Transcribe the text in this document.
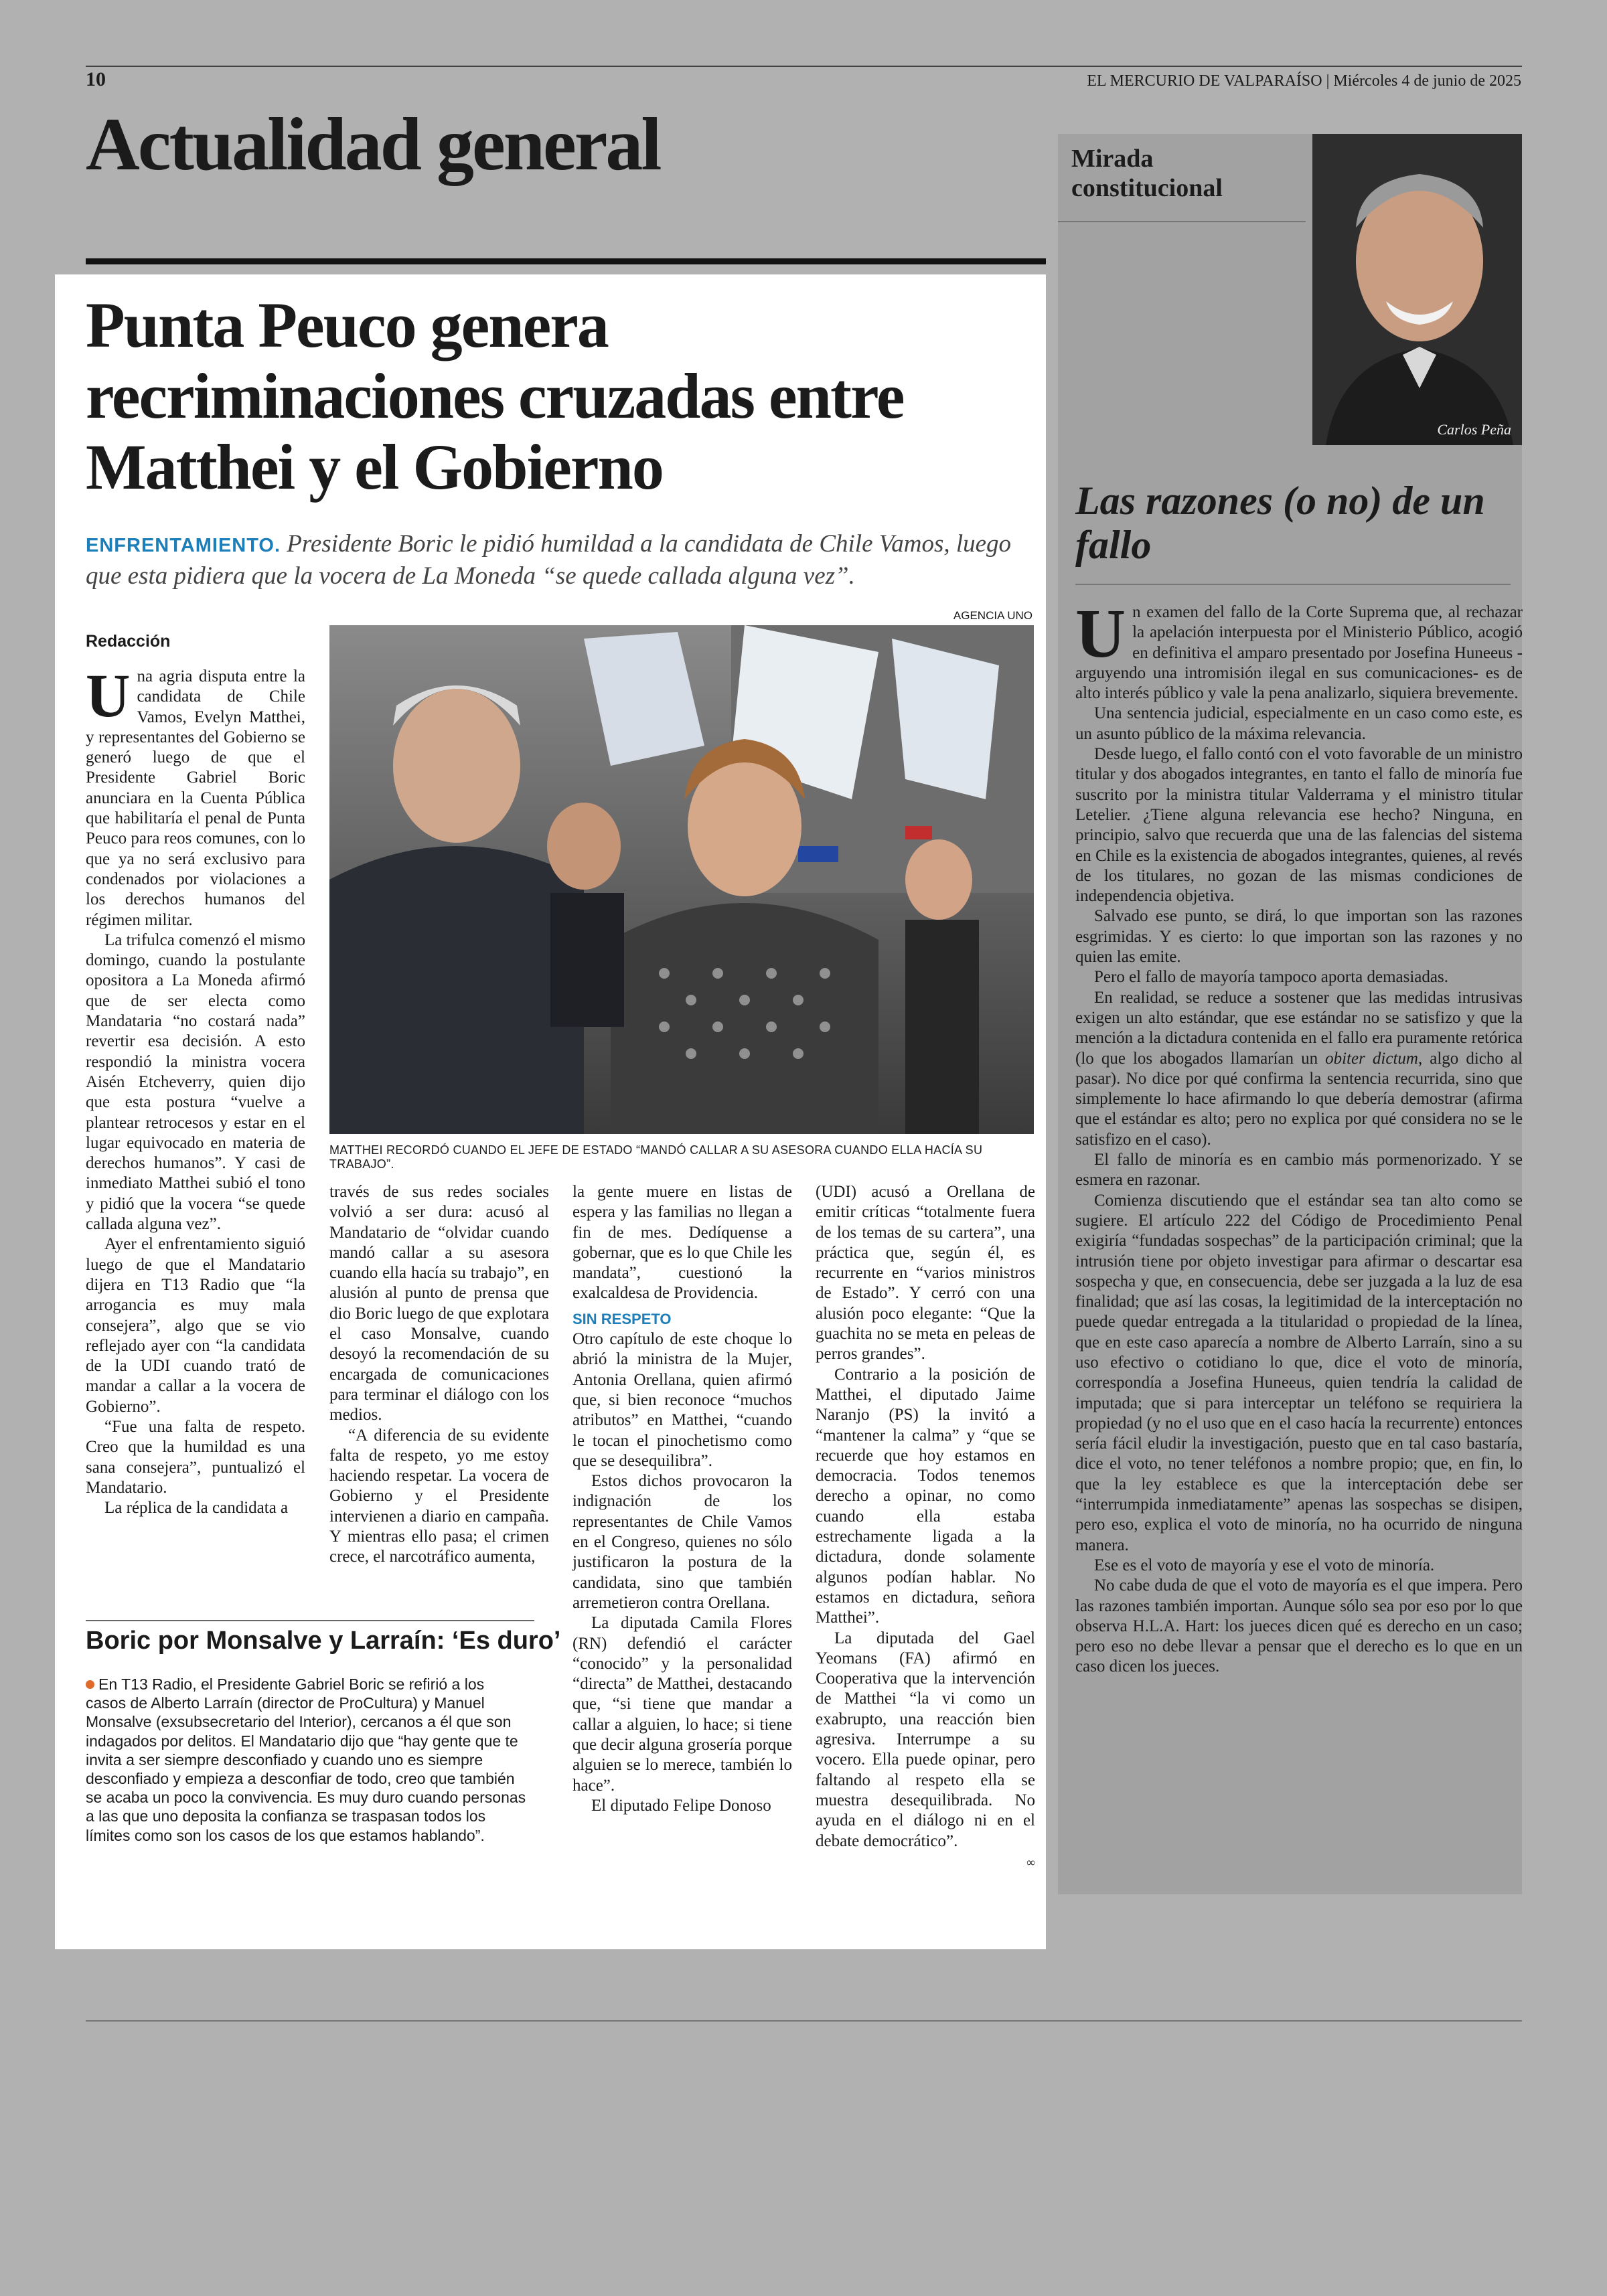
10	EL MERCURIO DE VALPARAÍSO | Miércoles 4 de junio de 2025
Actualidad general
Punta Peuco genera recriminaciones cruzadas entre Matthei y el Gobierno
ENFRENTAMIENTO. Presidente Boric le pidió humildad a la candidata de Chile Vamos, luego que esta pidiera que la vocera de La Moneda “se quede callada alguna vez”.
AGENCIA UNO
Redacción

Una agria disputa entre la candidata de Chile Vamos, Evelyn Matthei, y representantes del Gobierno se generó luego de que el Presidente Gabriel Boric anunciara en la Cuenta Pública que habilitaría el penal de Punta Peuco para reos comunes, con lo que ya no será exclusivo para condenados por violaciones a los derechos humanos del régimen militar.

La trifulca comenzó el mismo domingo, cuando la postulante opositora a La Moneda afirmó que de ser electa como Mandataria “no costará nada” revertir esa decisión. A esto respondió la ministra vocera Aisén Etcheverry, quien dijo que esta postura “vuelve a plantear retrocesos y estar en el lugar equivocado en materia de derechos humanos”. Y casi de inmediato Matthei subió el tono y pidió que la vocera “se quede callada alguna vez”.

Ayer el enfrentamiento siguió luego de que el Mandatario dijera en T13 Radio que “la arrogancia es muy mala consejera”, algo que se vio reflejado ayer con “la candidata de la UDI cuando trató de mandar a callar a la vocera de Gobierno”.

“Fue una falta de respeto. Creo que la humildad es una sana consejera”, puntualizó el Mandatario.

La réplica de la candidata a

MATTHEI RECORDÓ CUANDO EL JEFE DE ESTADO “MANDÓ CALLAR A SU ASESORA CUANDO ELLA HACÍA SU TRABAJO”.

través de sus redes sociales volvió a ser dura: acusó al Mandatario de “olvidar cuando mandó callar a su asesora cuando ella hacía su trabajo”, en alusión al punto de prensa que dio Boric luego de que explotara el caso Monsalve, cuando desoyó la recomendación de su encargada de comunicaciones para terminar el diálogo con los medios.

“A diferencia de su evidente falta de respeto, yo me estoy haciendo respetar. La vocera de Gobierno y el Presidente intervienen a diario en campaña. Y mientras ello pasa; el crimen crece, el narcotráfico aumenta,

la gente muere en listas de espera y las familias no llegan a fin de mes. Dedíquense a gobernar, que es lo que Chile les mandata”, cuestionó la exalcaldesa de Providencia.

SIN RESPETO

Otro capítulo de este choque lo abrió la ministra de la Mujer, Antonia Orellana, quien afirmó que, si bien reconoce “muchos atributos” en Matthei, “cuando le tocan el pinochetismo como que se desequilibra”.

Estos dichos provocaron la indignación de los representantes de Chile Vamos en el Congreso, quienes no sólo justificaron la postura de la candidata, sino que también arremetieron contra Orellana.

La diputada Camila Flores (RN) defendió el carácter “conocido” y la personalidad “directa” de Matthei, destacando que, “si tiene que mandar a callar a alguien, lo hace; si tiene que decir alguna grosería porque alguien se lo merece, también lo hace”.

El diputado Felipe Donoso

(UDI) acusó a Orellana de emitir críticas “totalmente fuera de los temas de su cartera”, una práctica que, según él, es recurrente en “varios ministros de Estado”. Y cerró con una alusión poco elegante: “Que la guachita no se meta en peleas de perros grandes”.

Contrario a la posición de Matthei, el diputado Jaime Naranjo (PS) la invitó a “mantener la calma” y “que se recuerde que hoy estamos en democracia. Todos tenemos derecho a opinar, no como cuando ella estaba estrechamente ligada a la dictadura, donde solamente algunos podían hablar. No estamos en dictadura, señora Matthei”.

La diputada del Gael Yeomans (FA) afirmó en Cooperativa que la intervención de Matthei “la vi como un exabrupto, una reacción bien agresiva. Interrumpe a su vocero. Ella puede opinar, pero faltando al respeto ella se muestra desequilibrada. No ayuda en el diálogo ni en el debate democrático”.

∞

Boric por Monsalve y Larraín: ‘Es duro’
En T13 Radio, el Presidente Gabriel Boric se refirió a los casos de Alberto Larraín (director de ProCultura) y Manuel Monsalve (exsubsecretario del Interior), cercanos a él que son indagados por delitos. El Mandatario dijo que “hay gente que te invita a ser siempre desconfiado y cuando uno es siempre desconfiado y empieza a desconfiar de todo, creo que también se acaba un poco la convivencia. Es muy duro cuando personas a las que uno deposita la confianza se traspasan todos los límites como son los casos de los que estamos hablando”.
Mirada constitucional
Carlos Peña
Las razones (o no) de un fallo

Un examen del fallo de la Corte Suprema que, al rechazar la apelación interpuesta por el Ministerio Público, acogió en definitiva el amparo presentado por Josefina Huneeus -arguyendo una intromisión ilegal en sus comunicaciones- es de alto interés público y vale la pena analizarlo, siquiera brevemente.

Una sentencia judicial, especialmente en un caso como este, es un asunto público de la máxima relevancia.

Desde luego, el fallo contó con el voto favorable de un ministro titular y dos abogados integrantes, en tanto el fallo de minoría fue suscrito por la ministra titular Valderrama y el ministro titular Letelier. ¿Tiene alguna relevancia ese hecho? Ninguna, en principio, salvo que recuerda que una de las falencias del sistema en Chile es la existencia de abogados integrantes, quienes, al revés de los titulares, no gozan de las mismas condiciones de independencia objetiva.

Salvado ese punto, se dirá, lo que importan son las razones esgrimidas. Y es cierto: lo que importan son las razones y no quien las emite.

Pero el fallo de mayoría tampoco aporta demasiadas.

En realidad, se reduce a sostener que las medidas intrusivas exigen un alto estándar, que ese estándar no se satisfizo y que la mención a la dictadura contenida en el fallo era puramente retórica (lo que los abogados llamarían un obiter dictum, algo dicho al pasar). No dice por qué confirma la sentencia recurrida, sino que simplemente lo hace afirmando lo que debería demostrar (afirma que el estándar es alto; pero no explica por qué considera no se le satisfizo en el caso).

El fallo de minoría es en cambio más pormenorizado. Y se esmera en razonar.

Comienza discutiendo que el estándar sea tan alto como se sugiere. El artículo 222 del Código de Procedimiento Penal exigiría “fundadas sospechas” de la participación criminal; que la intrusión tiene por objeto investigar para afirmar o descartar esa sospecha y que, en consecuencia, debe ser juzgada a la luz de esa finalidad; que así las cosas, la legitimidad de la interceptación no puede quedar entregada a la titularidad o propiedad de la línea, que en este caso aparecía a nombre de Alberto Larraín, sino a su uso efectivo o cotidiano lo que, dice el voto de minoría, correspondía a Josefina Huneeus, quien tendría la calidad de imputada; que si para interceptar un teléfono se requiriera la propiedad (y no el uso que en el caso hacía la recurrente) entonces sería fácil eludir la investigación, puesto que en tal caso bastaría, dice el voto, no tener teléfonos a nombre propio; que, en fin, lo que la ley establece es que la interceptación debe ser “interrumpida inmediatamente” apenas las sospechas se disipen, pero eso, explica el voto de minoría, no ha ocurrido de ninguna manera.

Ese es el voto de mayoría y ese el voto de minoría.

No cabe duda de que el voto de mayoría es el que impera. Pero las razones también importan. Aunque sólo sea por eso por lo que observa H.L.A. Hart: los jueces dicen qué es derecho en un caso; pero eso no debe llevar a pensar que el derecho es lo que en un caso dicen los jueces.
